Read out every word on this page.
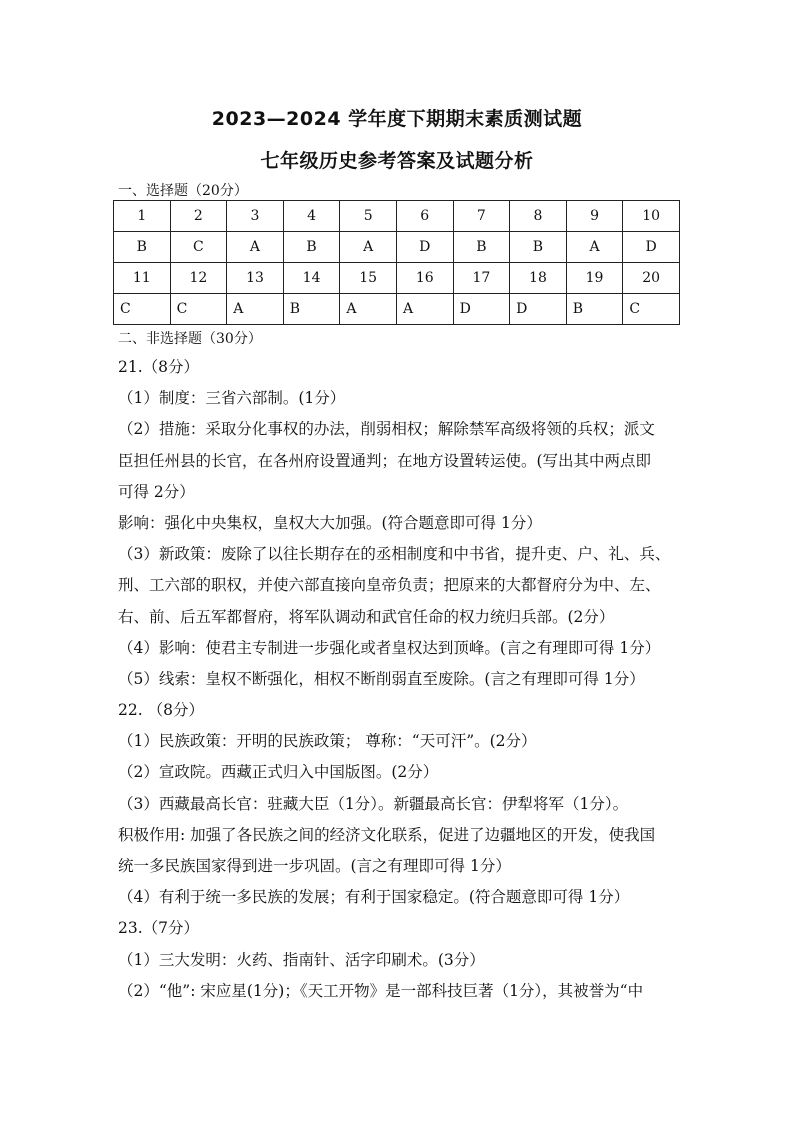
2023—2024 学年度下期期末素质测试题
七年级历史参考答案及试题分析
一、选择题（20分）
1	2	3	4	5	6	7	8	9	10
B	C	A	B	A	D	B	B	A	D
11	12	13	14	15	16	17	18	19	20
C	C	A	B	A	A	D	D	B	C
二、非选择题（30分）
21.（8分）
（1）制度：三省六部制。(1分）
（2）措施：采取分化事权的办法，削弱相权；解除禁军高级将领的兵权；派文
臣担任州县的长官，在各州府设置通判；在地方设置转运使。(写出其中两点即
可得 2分）
影响：强化中央集权，皇权大大加强。(符合题意即可得 1分）
（3）新政策：废除了以往长期存在的丞相制度和中书省，提升吏、户、礼、兵、
刑、工六部的职权，并使六部直接向皇帝负责；把原来的大都督府分为中、左、
右、前、后五军都督府，将军队调动和武官任命的权力统归兵部。(2分）
（4）影响：使君主专制进一步强化或者皇权达到顶峰。(言之有理即可得 1分）
（5）线索：皇权不断强化，相权不断削弱直至废除。(言之有理即可得 1分）
22. （8分）
（1）民族政策：开明的民族政策； 尊称：“天可汗”。(2分）
（2）宣政院。西藏正式归入中国版图。(2分）
（3）西藏最高长官：驻藏大臣（1分）。新疆最高长官：伊犁将军（1分）。
积极作用: 加强了各民族之间的经济文化联系，促进了边疆地区的开发，使我国
统一多民族国家得到进一步巩固。(言之有理即可得 1分）
（4）有利于统一多民族的发展；有利于国家稳定。(符合题意即可得 1分）
23.（7分）
（1）三大发明：火药、指南针、活字印刷术。(3分）
（2）“他”: 宋应星(1分)；《天工开物》是一部科技巨著（1分），其被誉为“中
